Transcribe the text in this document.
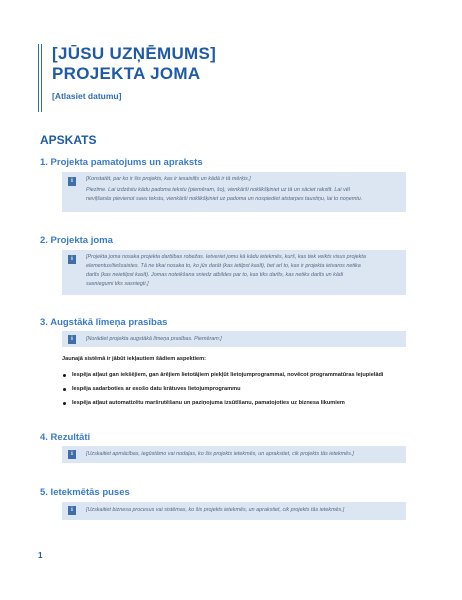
[JŪSU UZŅĒMUMS]
PROJEKTA JOMA
[Atlasiet datumu]
APSKATS
1. Projekta pamatojums un apraksts
i	[Konstatēt, par ko ir šis projekts, kas ir iesaistīts un kādā ir tā mērķis.]
Piezīme. Lai izdzēstu kādu padoma tekstu (piemēram, šo), vienkārši noklikšķiniet uz tā un sāciet rakstīt. Lai vēl
neviļšanās pievienot savu tekstu, vienkārši noklikšķiniet uz padoma un nospiediet atstarpes taustiņu, lai to noņemtu.
2. Projekta joma
i	[Projekta joma nosaka projekta darbības robežas. Ietveriet jomu kā kādu ietekmēs, kurš, kas tiek veikts visus projekta
elementus/tiešsaistes. Tā ne tikai nosaka to, ko jūs darāt (kas ietilpst kasīt), bet arī to, kas ir projekta ietvaros netika
darīts (kas neietilpst kasīt). Jomas noteikšana sniedz atbildes par to, kas tiks darīts, kas netiks darīts un kādi
sasniegumi tiks sasniegti.]
3. Augstākā līmeņa prasības
i	[Norādiet projekta augstākā līmeņa prasības. Piemēram:]
Jaunajā sistēmā ir jābūt iekļautiem šādiem aspektiem:
Iespēja atļaut gan iekšējiem, gan ārējiem lietotājiem piekļūt lietojumprogrammai, novēcot programmatūras lejupielādi
Iespēja sadarboties ar esošo datu krātuves lietojumprogrammu
Iespēja atļaut automatizētu maršrutēšanu un paziņojuma izsūtīšanu, pamatojoties uz biznesa likumiem
4. Rezultāti
i	[Uzskaitiet apmācības, iegūstāmo vai nodaļas, ko šis projekts ietekmēs, un aprakstiet, cik projekts tās ietekmēs.]
5. Ietekmētās puses
i	[Uzskaitiet biznesa procesus vai sistēmas, ko šis projekts ietekmēs, un aprakstiet, cik projekts tās ietekmēs.]
1
